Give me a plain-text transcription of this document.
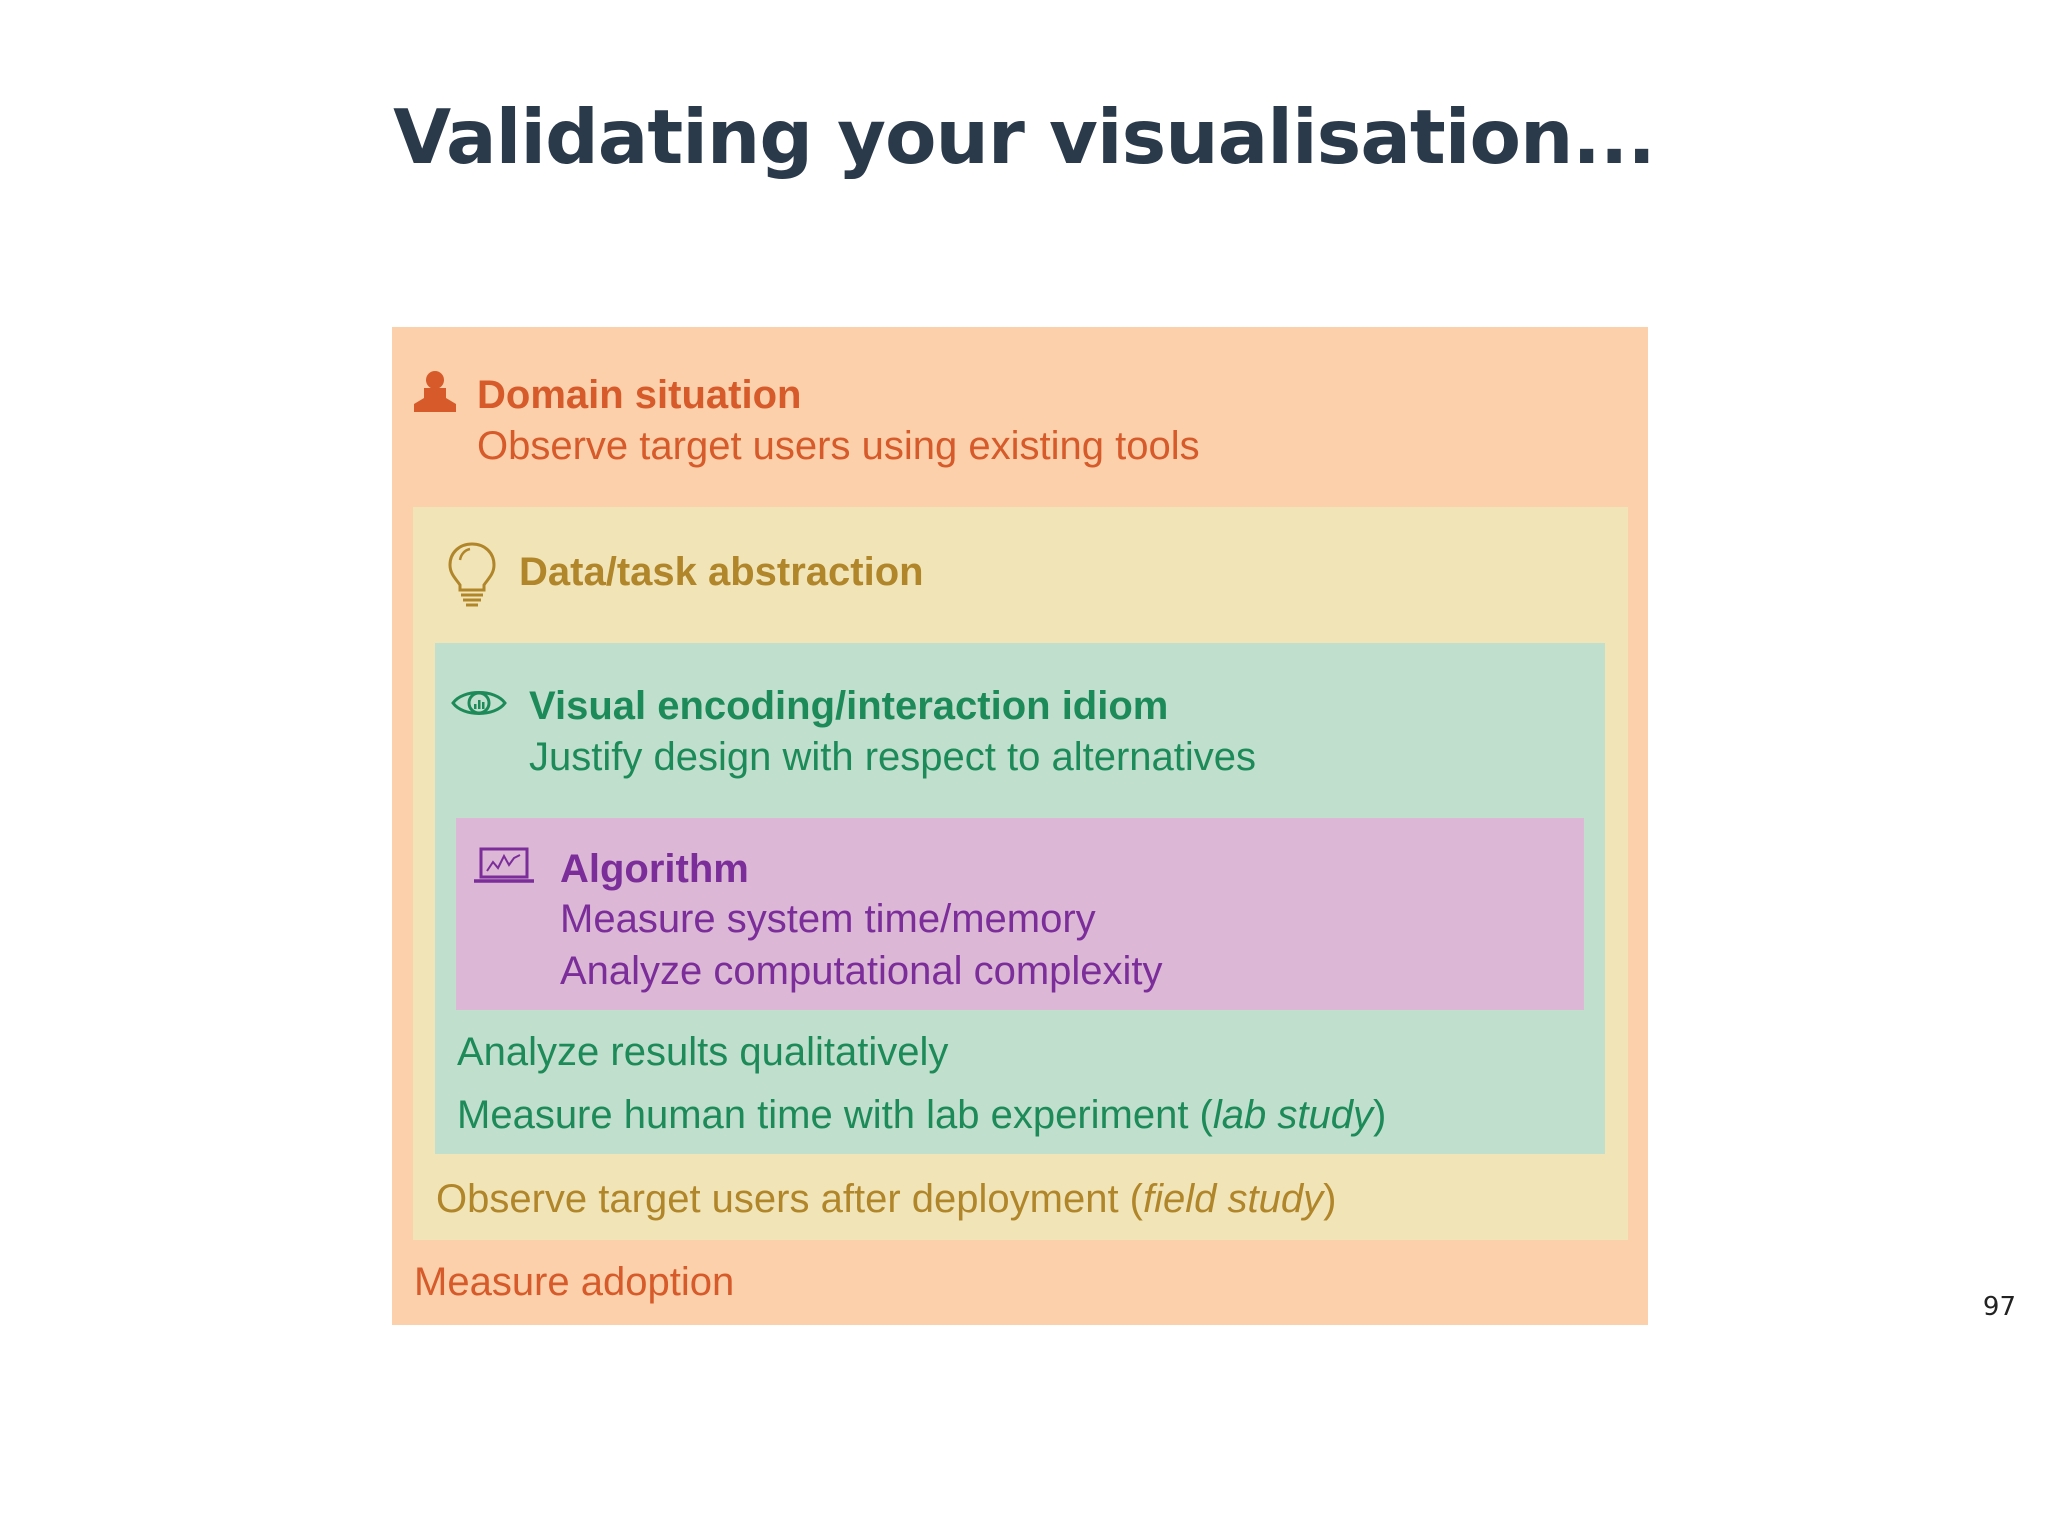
Validating your visualisation...
Domain situation
Observe target users using existing tools
Measure adoption
Data/task abstraction
Observe target users after deployment (field study)
Visual encoding/interaction idiom
Justify design with respect to alternatives
Analyze results qualitatively
Measure human time with lab experiment (lab study)
Algorithm
Measure system time/memory
Analyze computational complexity
97
